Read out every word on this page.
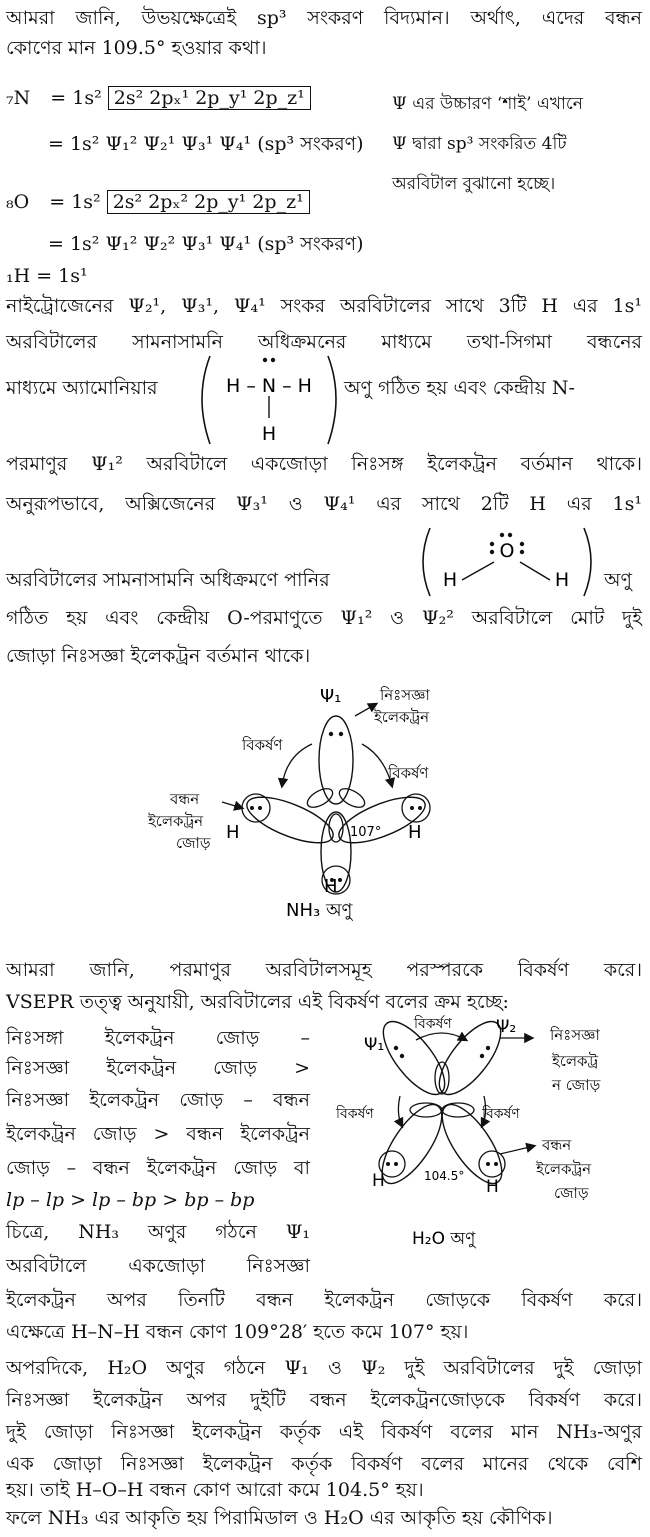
আমরা জানি, উভয়ক্ষেত্রেই sp³ সংকরণ বিদ্যমান। অর্থাৎ, এদের বন্ধন
কোণের মান 109.5° হওয়ার কথা।
₇N = 1s² 2s² 2pₓ¹ 2p_y¹ 2p_z¹	Ψ এর উচ্চারণ ‘শাই’ এখানে
= 1s² Ψ₁² Ψ₂¹ Ψ₃¹ Ψ₄¹ (sp³ সংকরণ) Ψ দ্বারা sp³ সংকরিত 4টি
অরবিটাল বুঝানো হচ্ছে।
₈O = 1s² 2s² 2pₓ² 2p_y¹ 2p_z¹
= 1s² Ψ₁² Ψ₂² Ψ₃¹ Ψ₄¹ (sp³ সংকরণ)
₁H = 1s¹
নাইট্রোজেনের Ψ₂¹, Ψ₃¹, Ψ₄¹ সংকর অরবিটালের সাথে 3টি H এর 1s¹
অরবিটালের সামনাসামনি অধিক্রমনের মাধ্যমে তথা-সিগমা বন্ধনের
মাধ্যমে অ্যামোনিয়ার	অণু গঠিত হয় এবং কেন্দ্রীয় N-
H – N – H
H
পরমাণুর Ψ₁² অরবিটালে একজোড়া নিঃসঙ্গ ইলেকট্রন বর্তমান থাকে।
অনুরূপভাবে, অক্সিজেনের Ψ₃¹ ও Ψ₄¹ এর সাথে 2টি H এর 1s¹
অরবিটালের সামনাসামনি অধিক্রমণে পানির	অণু
O
H	H
গঠিত হয় এবং কেন্দ্রীয় O-পরমাণুতে Ψ₁² ও Ψ₂² অরবিটালে মোট দুই
জোড়া নিঃসজ্ঞা ইলেকট্রন বর্তমান থাকে।
Ψ₁	নিঃসজ্ঞা
ইলেকট্রন
বিকর্ষণ
বিকর্ষণ
বন্ধন
ইলেকট্রন
জোড় H	H
H
107°
NH₃ অণু
আমরা জানি, পরমাণুর অরবিটালসমূহ পরস্পরকে বিকর্ষণ করে।
VSEPR তত্ত্ব অনুযায়ী, অরবিটালের এই বিকর্ষণ বলের ক্রম হচ্ছে:
নিঃসঙ্গা ইলেকট্রন জোড় –
নিঃসজ্ঞা ইলেকট্রন জোড় >
নিঃসজ্ঞা ইলেকট্রন জোড় – বন্ধন
ইলেকট্রন জোড় > বন্ধন ইলেকট্রন
জোড় – বন্ধন ইলেকট্রন জোড় বা
lp – lp > lp – bp > bp – bp
চিত্রে, NH₃ অণুর গঠনে Ψ₁
অরবিটালে একজোড়া নিঃসজ্ঞা
ইলেকট্রন অপর তিনটি বন্ধন ইলেকট্রন জোড়কে বিকর্ষণ করে।
এক্ষেত্রে H–N–H বন্ধন কোণ 109°28′ হতে কমে 107° হয়।
অপরদিকে, H₂O অণুর গঠনে Ψ₁ ও Ψ₂ দুই অরবিটালের দুই জোড়া
নিঃসজ্ঞা ইলেকট্রন অপর দুইটি বন্ধন ইলেকট্রনজোড়কে বিকর্ষণ করে।
দুই জোড়া নিঃসজ্ঞা ইলেকট্রন কর্তৃক এই বিকর্ষণ বলের মান NH₃-অণুর
এক জোড়া নিঃসজ্ঞা ইলেকট্রন কর্তৃক বিকর্ষণ বলের মানের থেকে বেশি
হয়। তাই H–O–H বন্ধন কোণ আরো কমে 104.5° হয়।
ফলে NH₃ এর আকৃতি হয় পিরামিডাল ও H₂O এর আকৃতি হয় কৌণিক।
Ψ₁
Ψ₂
বিকর্ষণ
বিকর্ষণ	বিকর্ষণ
নিঃসজ্ঞা
ইলেকট্র
ন জোড়
বন্ধন
ইলেকট্রন
জোড়
H	H
104.5°
H₂O অণু
